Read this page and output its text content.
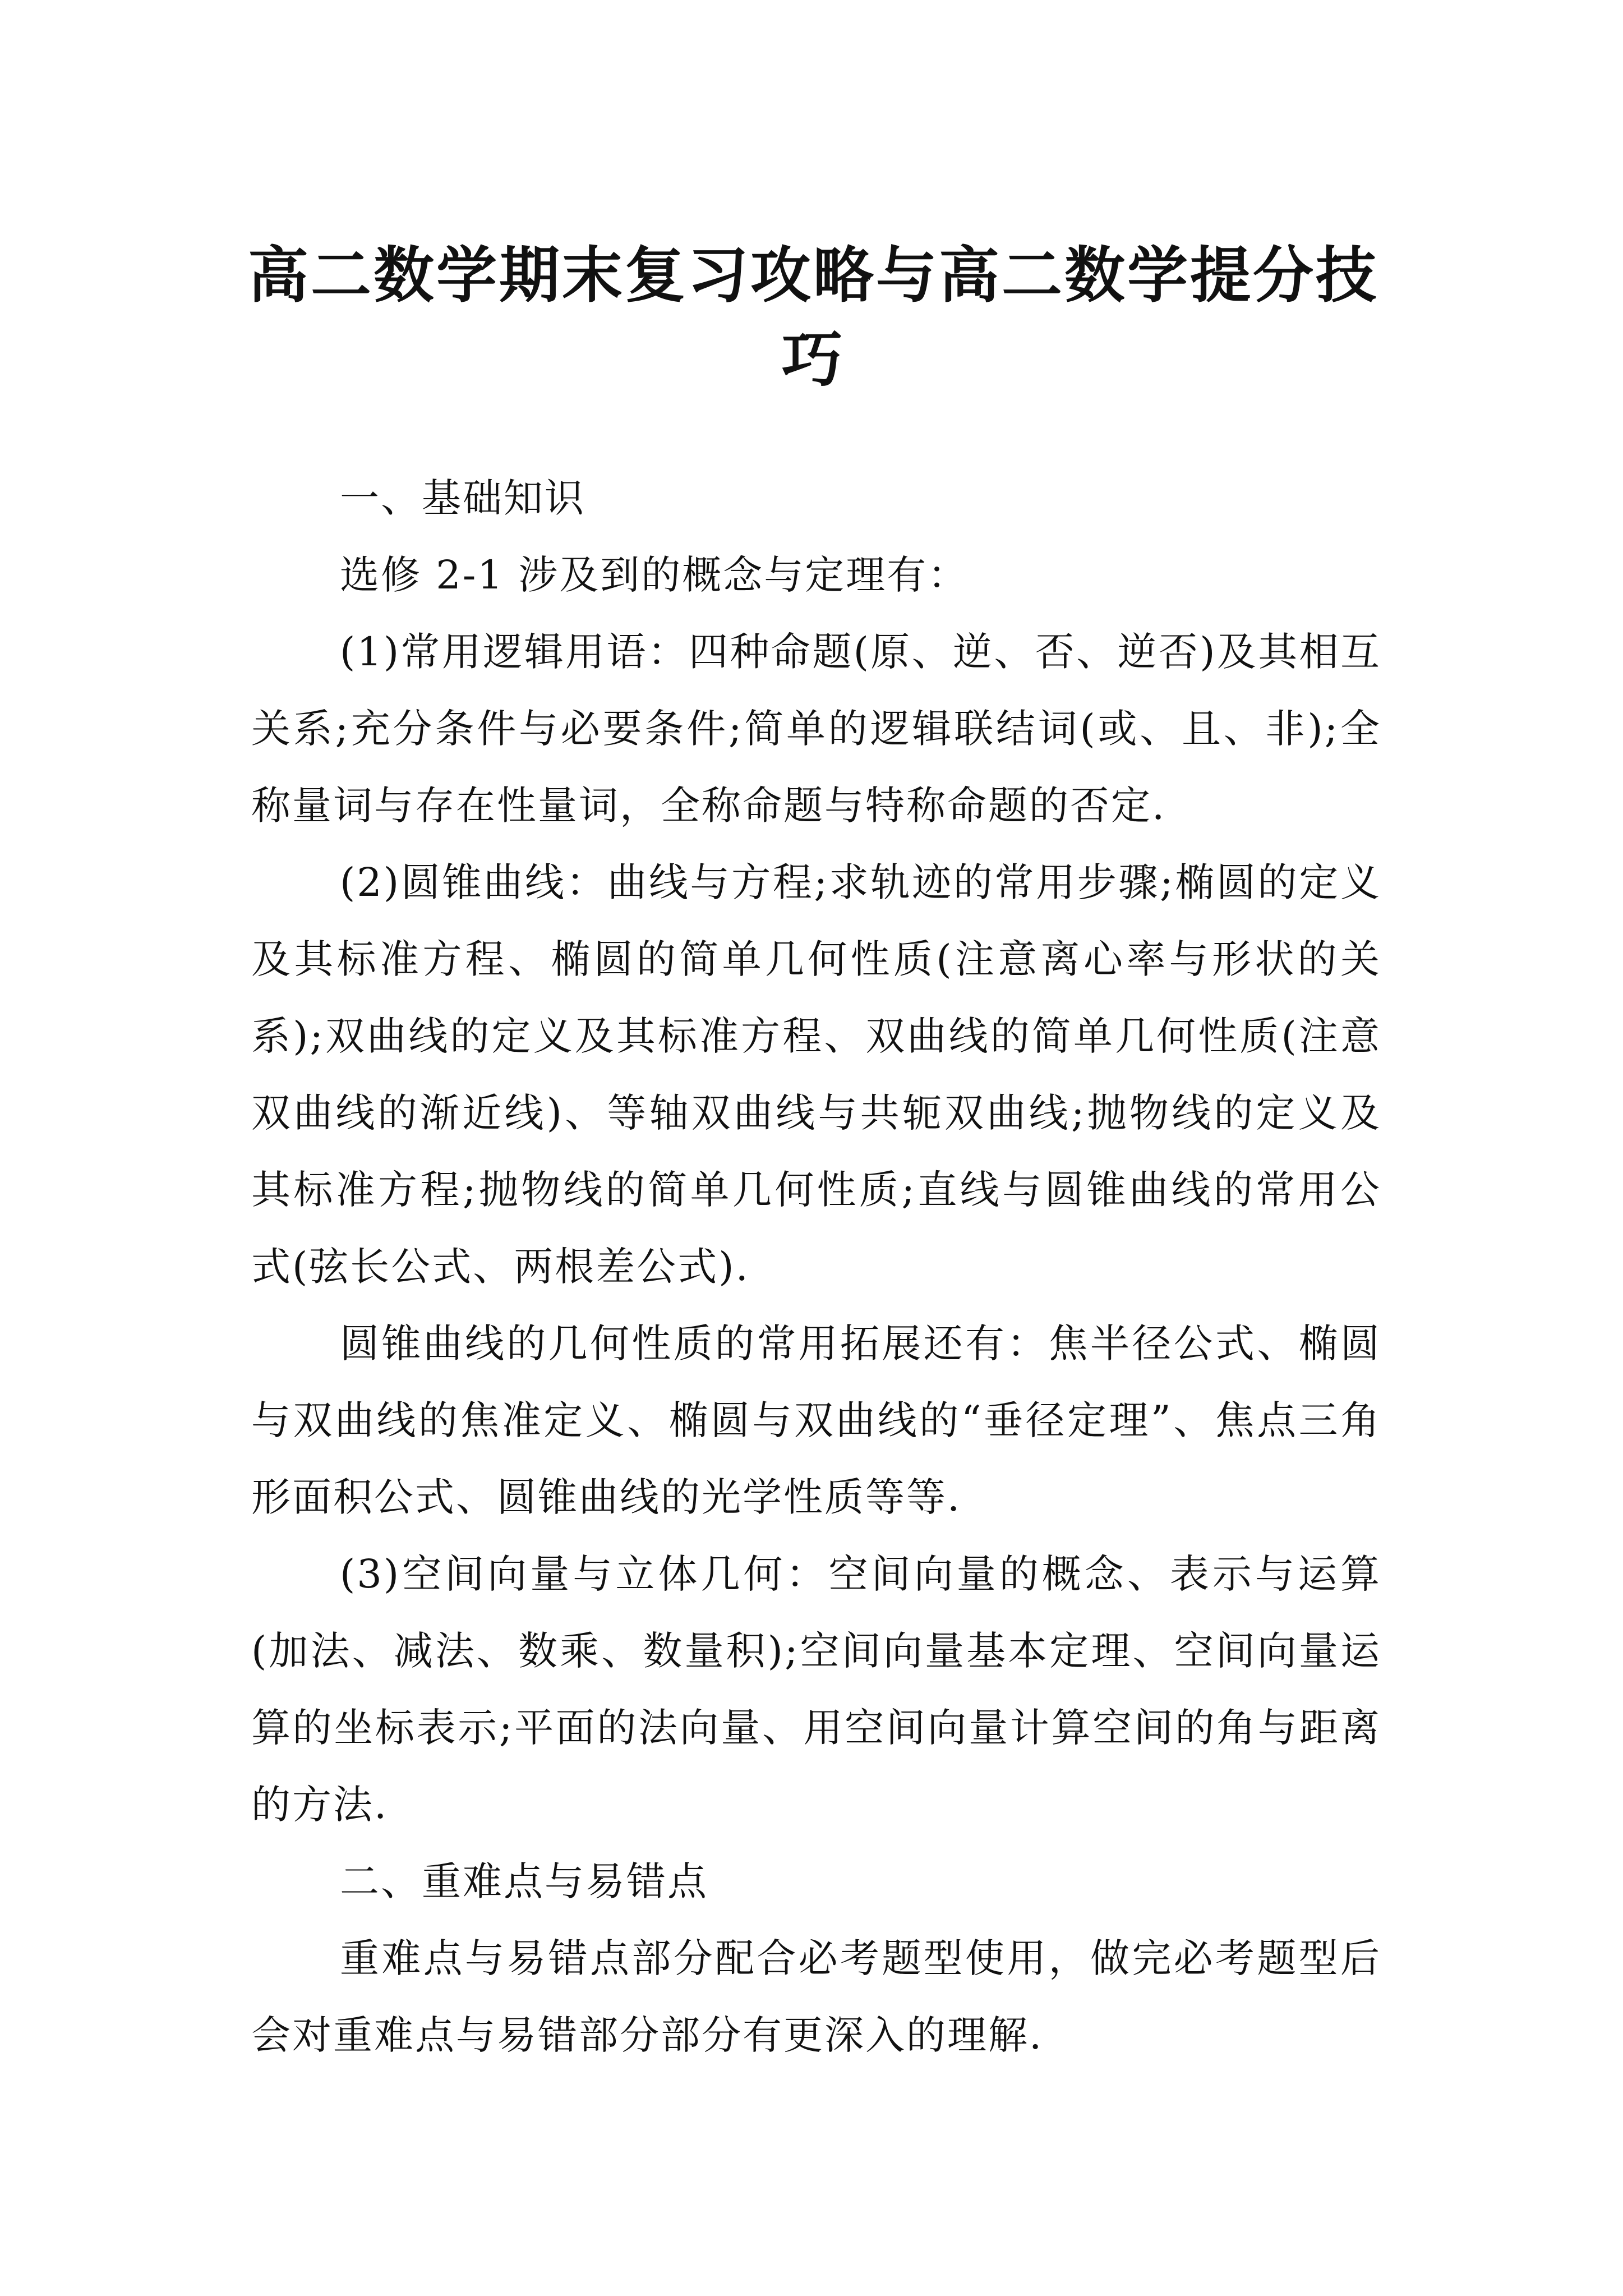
高二数学期末复习攻略与高二数学提分技
巧

一、基础知识

选修 2-1 涉及到的概念与定理有：

(1)常用逻辑用语：四种命题(原、逆、否、逆否)及其相互关系;充分条件与必要条件;简单的逻辑联结词(或、且、非);全称量词与存在性量词，全称命题与特称命题的否定.

(2)圆锥曲线：曲线与方程;求轨迹的常用步骤;椭圆的定义及其标准方程、椭圆的简单几何性质(注意离心率与形状的关系);双曲线的定义及其标准方程、双曲线的简单几何性质(注意双曲线的渐近线)、等轴双曲线与共轭双曲线;抛物线的定义及其标准方程;抛物线的简单几何性质;直线与圆锥曲线的常用公式(弦长公式、两根差公式).

圆锥曲线的几何性质的常用拓展还有：焦半径公式、椭圆与双曲线的焦准定义、椭圆与双曲线的“垂径定理”、焦点三角形面积公式、圆锥曲线的光学性质等等.

(3)空间向量与立体几何：空间向量的概念、表示与运算(加法、减法、数乘、数量积);空间向量基本定理、空间向量运算的坐标表示;平面的法向量、用空间向量计算空间的角与距离的方法.

二、重难点与易错点

重难点与易错点部分配合必考题型使用，做完必考题型后会对重难点与易错部分部分有更深入的理解.
